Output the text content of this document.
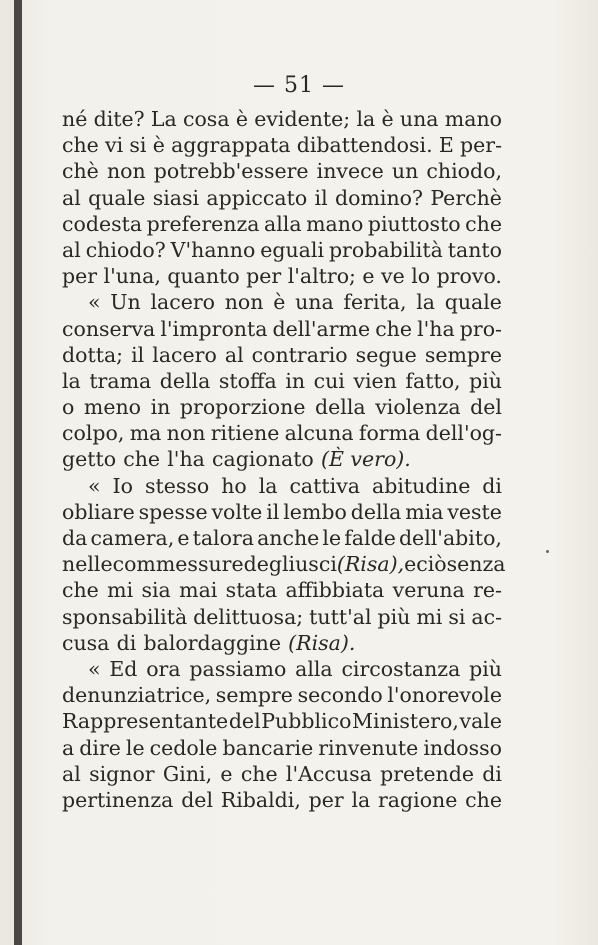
— 51 —
né dite? La cosa è evidente; la è una mano
che vi si è aggrappata dibattendosi. E per-
chè non potrebb'essere invece un chiodo,
al quale siasi appiccato il domino? Perchè
codesta preferenza alla mano piuttosto che
al chiodo? V'hanno eguali probabilità tanto
per l'una, quanto per l'altro; e ve lo provo.
« Un lacero non è una ferita, la quale
conserva l'impronta dell'arme che l'ha pro-
dotta; il lacero al contrario segue sempre
la trama della stoffa in cui vien fatto, più
o meno in proporzione della violenza del
colpo, ma non ritiene alcuna forma dell'og-
getto che l'ha cagionato (È vero).
« Io stesso ho la cattiva abitudine di
obliare spesse volte il lembo della mia veste
da camera, e talora anche le falde dell'abito,
nelle commessure degli usci (Risa), e ciò senza
che mi sia mai stata affibbiata veruna re-
sponsabilità delittuosa; tutt'al più mi si ac-
cusa di balordaggine (Risa).
« Ed ora passiamo alla circostanza più
denunziatrice, sempre secondo l'onorevole
Rappresentante del Pubblico Ministero, vale
a dire le cedole bancarie rinvenute indosso
al signor Gini, e che l'Accusa pretende di
pertinenza del Ribaldi, per la ragione che
